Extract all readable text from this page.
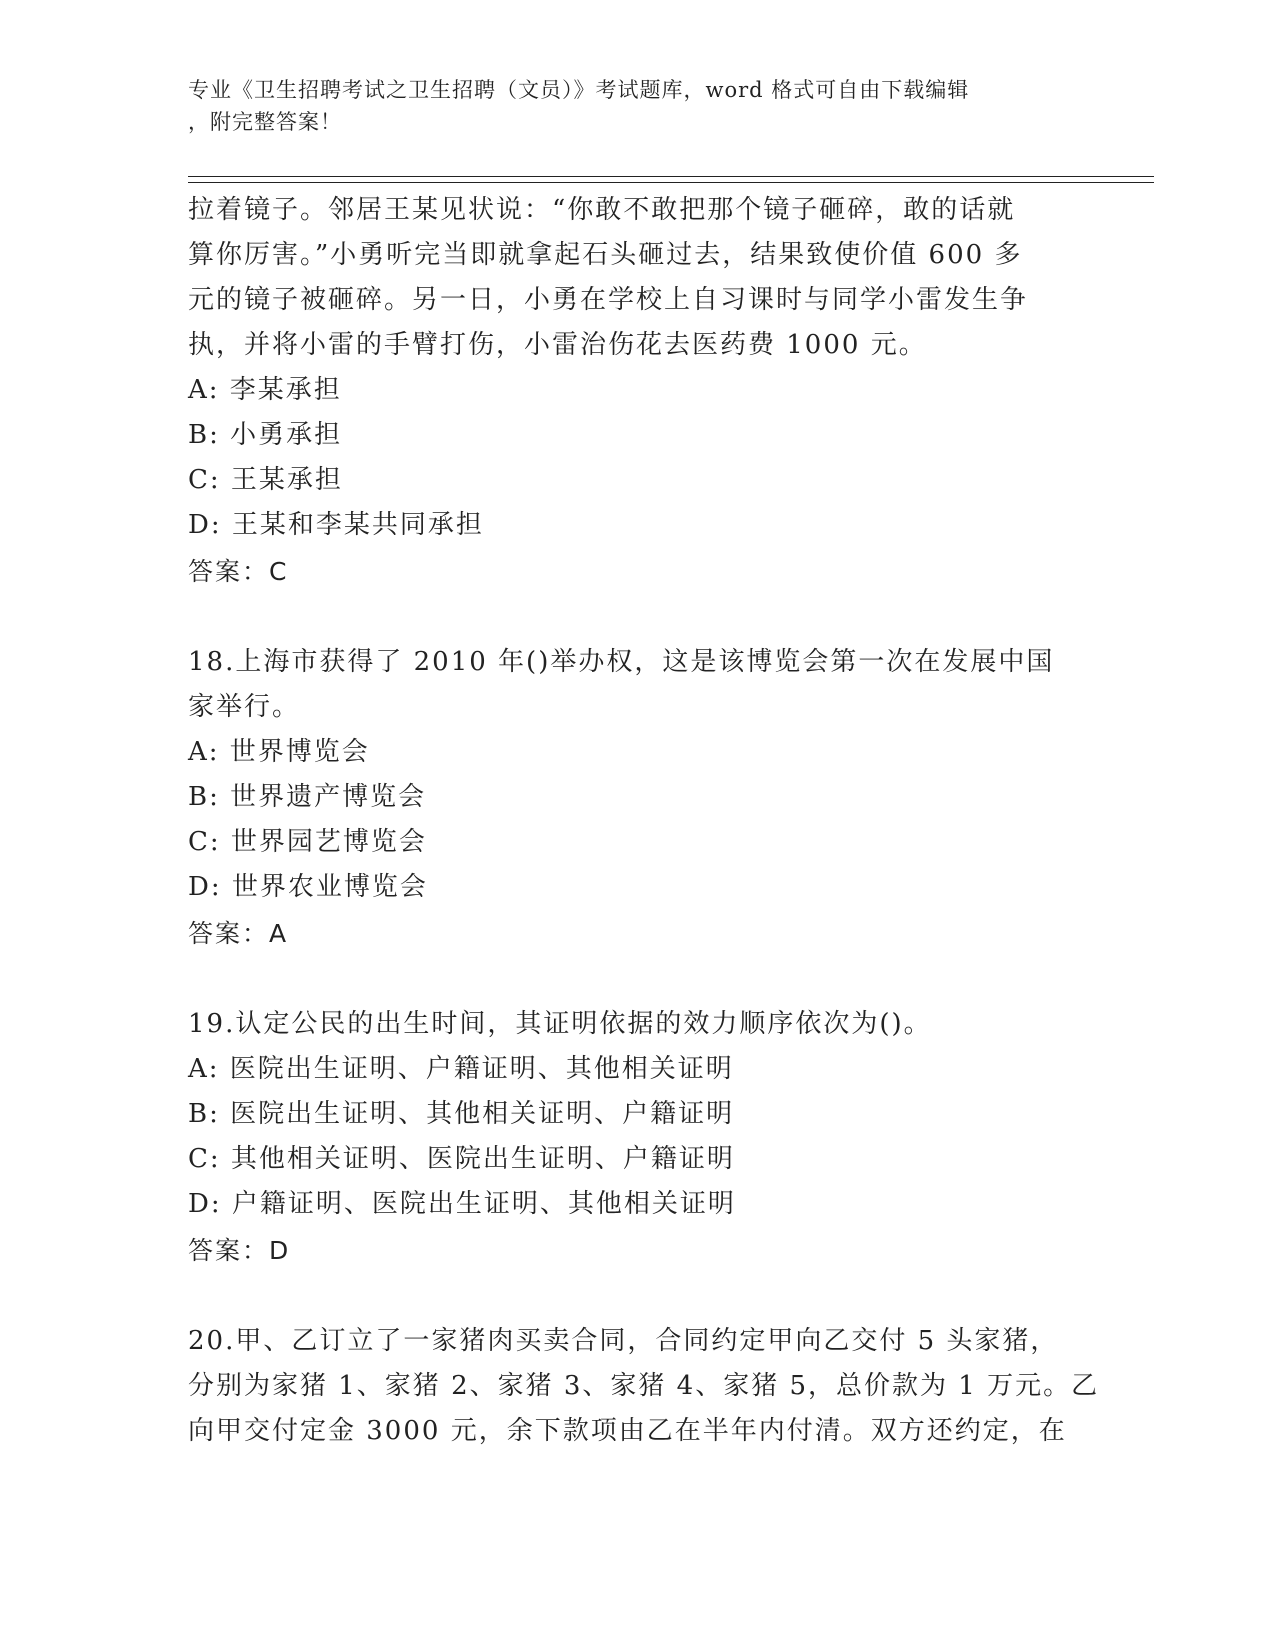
专业《卫生招聘考试之卫生招聘（文员）》考试题库，word 格式可自由下载编辑
，附完整答案！
拉着镜子。邻居王某见状说：“你敢不敢把那个镜子砸碎，敢的话就
算你厉害。”小勇听完当即就拿起石头砸过去，结果致使价值 600 多
元的镜子被砸碎。另一日，小勇在学校上自习课时与同学小雷发生争
执，并将小雷的手臂打伤，小雷治伤花去医药费 1000 元。
A: 李某承担
B: 小勇承担
C: 王某承担
D: 王某和李某共同承担
答案：C
18.上海市获得了 2010 年()举办权，这是该博览会第一次在发展中国
家举行。
A: 世界博览会
B: 世界遗产博览会
C: 世界园艺博览会
D: 世界农业博览会
答案：A
19.认定公民的出生时间，其证明依据的效力顺序依次为()。
A: 医院出生证明、户籍证明、其他相关证明
B: 医院出生证明、其他相关证明、户籍证明
C: 其他相关证明、医院出生证明、户籍证明
D: 户籍证明、医院出生证明、其他相关证明
答案：D
20.甲、乙订立了一家猪肉买卖合同，合同约定甲向乙交付 5 头家猪，
分别为家猪 1、家猪 2、家猪 3、家猪 4、家猪 5，总价款为 1 万元。乙
向甲交付定金 3000 元，余下款项由乙在半年内付清。双方还约定，在
